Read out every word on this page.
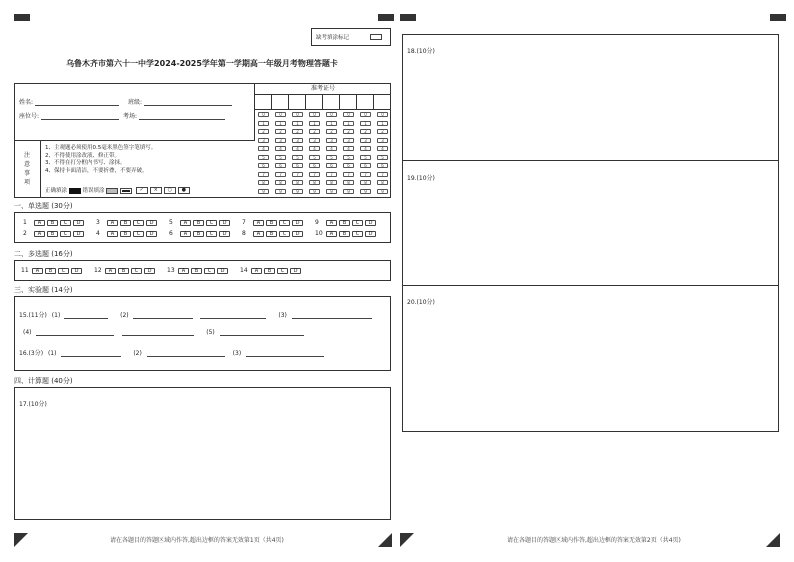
缺考填涂标记
乌鲁木齐市第六十一中学2024-2025学年第一学期高一年级月考物理答题卡
姓名:	班级:
座位号:	考场:
准考证号
0	0	0	0	0	0	0	0
1	1	1	1	1	1	1	1
2	2	2	2	2	2	2	2
3	3	3	3	3	3	3	3
4	4	4	4	4	4	4	4
5	5	5	5	5	5	5	5
6	6	6	6	6	6	6	6
7	7	7	7	7	7	7	7
8	8	8	8	8	8	8	8
9	9	9	9	9	9	9	9
注
意
事
项
1、主观题必须使用0.5毫米黑色签字笔填写。
2、不得使用涂改液、修正带。
3、不得在打分框内书写、涂抹。
4、保持卡面清洁，不要折叠，不要弄破。
正确填涂	错误填涂	✓ × ○ ●
一、单选题 (30分)
1 A B C D
2 A B C D
3 A B C D
4 A B C D
5 A B C D
6 A B C D
7 A B C D
8 A B C D
9 A B C D
10 A B C D
二、多选题 (16分)
11 A B C D	12 A B C D	13 A B C D	14 A B C D
三、实验题 (14分)
15.(11分) (1)	(2)	(3)
(4)	(5)
16.(3分) (1)	(2)	(3)
四、计算题 (40分)
17.(10分)
18.(10分)
19.(10分)
20.(10分)
请在各题目的答题区域内作答,超出边框的答案无效第1页（共4页)	请在各题目的答题区域内作答,超出边框的答案无效第2页（共4页)
